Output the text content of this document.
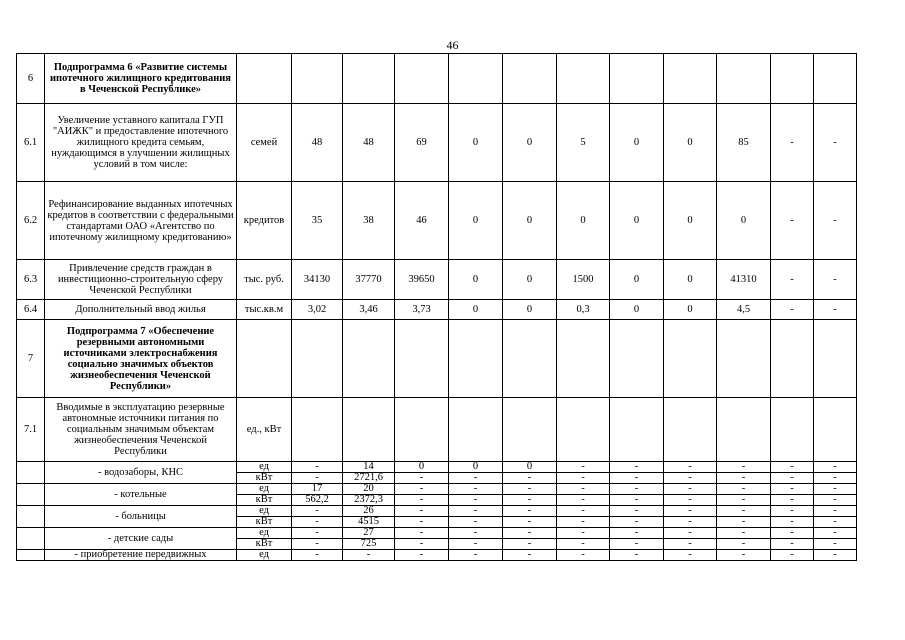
46
6	Подпрограмма 6 «Развитие системы ипотечного жилищного кредитования в Чеченской Республике»												
6.1	Увеличение уставного капитала ГУП "АИЖК" и предоставление ипотечного жилищного кредита семьям, нуждающимся в улучшении жилищных условий в том числе:	семей	48	48	69	0	0	5	0	0	85	-	-
6.2	Рефинансирование выданных ипотечных кредитов в соответствии с федеральными стандартами ОАО «Агентство по ипотечному жилищному кредитованию»	кредитов	35	38	46	0	0	0	0	0	0	-	-
6.3	Привлечение средств граждан в инвестиционно-строительную сферу Чеченской Республики	тыс. руб.	34130	37770	39650	0	0	1500	0	0	41310	-	-
6.4	Дополнительный ввод жилья	тыс.кв.м	3,02	3,46	3,73	0	0	0,3	0	0	4,5	-	-
7	Подпрограмма 7 «Обеспечение резервными автономными источниками электроснабжения социально значимых объектов жизнеобеспечения Чеченской Республики»												
7.1	Вводимые в эксплуатацию резервные автономные источники питания по социальным значимым объектам жизнеобеспечения Чеченской Республики	ед., кВт											
	- водозаборы, КНС	ед	-	14	0	0	0	-	-	-	-	-	-
		кВт	-	2721,6	-	-	-	-	-	-	-	-	-
	- котельные	ед	17	20	-	-	-	-	-	-	-	-	-
		кВт	562,2	2372,3	-	-	-	-	-	-	-	-	-
	- больницы	ед	-	26	-	-	-	-	-	-	-	-	-
		кВт	-	4515	-	-	-	-	-	-	-	-	-
	- детские сады	ед	-	27	-	-	-	-	-	-	-	-	-
		кВт	-	725	-	-	-	-	-	-	-	-	-
	- приобретение передвижных	ед	-	-	-	-	-	-	-	-	-	-	-
